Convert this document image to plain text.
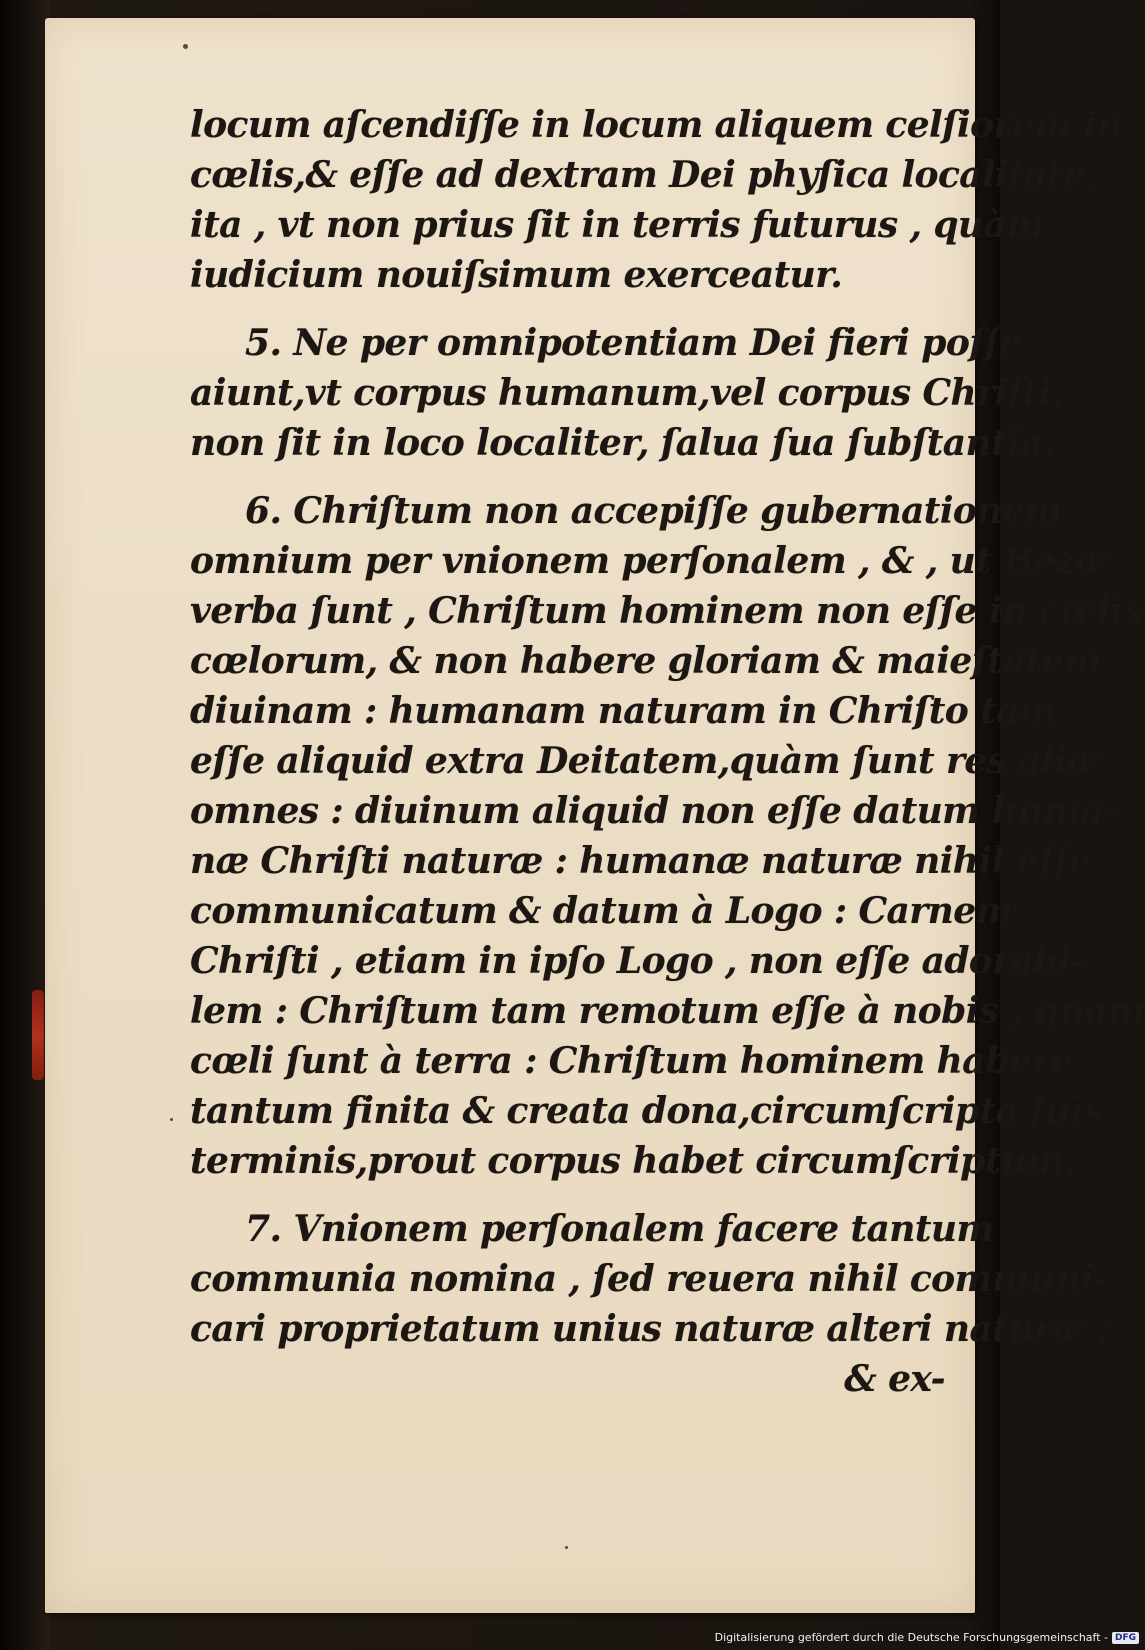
locum aſcendiſſe in locum aliquem celſiorem in
cœlis,& eſſe ad dextram Dei phyſica localitate,
ita , vt non prius ſit in terris futurus , quàm
iudicium nouiſsimum exerceatur.
5. Ne per omnipotentiam Dei fieri poſſe
aiunt,vt corpus humanum,vel corpus Chriſti,
non ſit in loco localiter, ſalua ſua ſubſtantia.
6. Chriſtum non accepiſſe gubernationem
omnium per vnionem perſonalem , & , ut Bezæ
verba ſunt , Chriſtum hominem non eſſe in cœlis
cœlorum, & non habere gloriam & maieſtatem
diuinam : humanam naturam in Chriſto tam
eſſe aliquid extra Deitatem,quàm ſunt res aliæ
omnes : diuinum aliquid non eſſe datum huma-
næ Chriſti naturæ : humanæ naturæ nihil eſſe
communicatum & datum à Logo : Carnem
Chriſti , etiam in ipſo Logo , non eſſe adorabi-
lem : Chriſtum tam remotum eſſe à nobis , quàm
cœli ſunt à terra : Chriſtum hominem habere
tantum finita & creata dona,circumſcripta ſuis
terminis,prout corpus habet circumſcriptum.
7. Vnionem perſonalem facere tantum
communia nomina , ſed reuera nihil communi-
cari proprietatum unius naturæ alteri naturæ :
& ex-
Digitalisierung gefördert durch die Deutsche Forschungsgemeinschaft - DFG
